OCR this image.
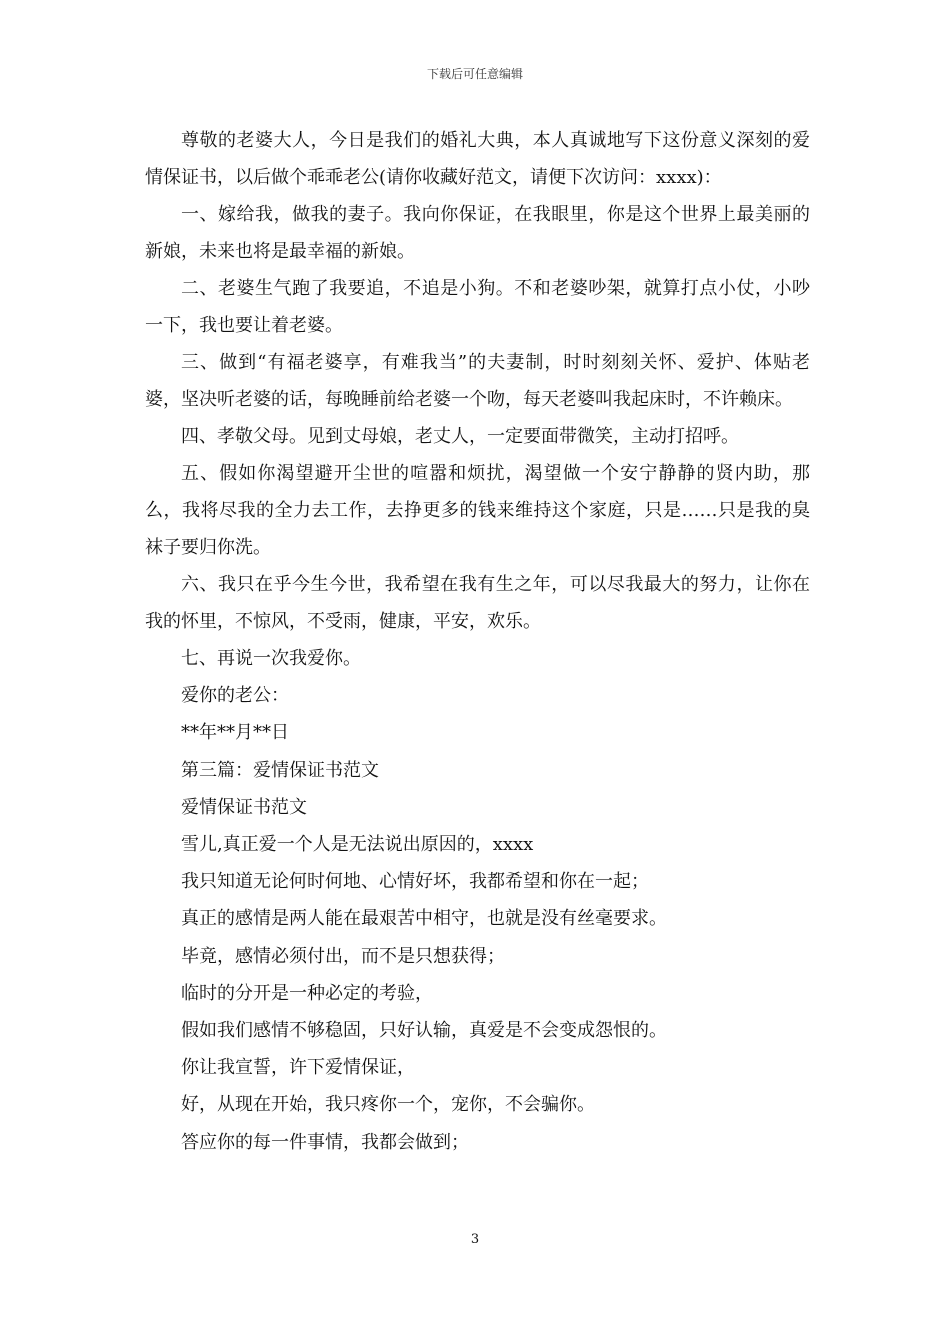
下载后可任意编辑

尊敬的老婆大人，今日是我们的婚礼大典，本人真诚地写下这份意义深刻的爱情保证书，以后做个乖乖老公(请你收藏好范文，请便下次访问：xxxx)：

一、嫁给我，做我的妻子。我向你保证，在我眼里，你是这个世界上最美丽的新娘，未来也将是最幸福的新娘。

二、老婆生气跑了我要追，不追是小狗。不和老婆吵架，就算打点小仗，小吵一下，我也要让着老婆。

三、做到“有福老婆享，有难我当”的夫妻制，时时刻刻关怀、爱护、体贴老婆，坚决听老婆的话，每晚睡前给老婆一个吻，每天老婆叫我起床时，不许赖床。

四、孝敬父母。见到丈母娘，老丈人，一定要面带微笑，主动打招呼。

五、假如你渴望避开尘世的喧嚣和烦扰，渴望做一个安宁静静的贤内助，那么，我将尽我的全力去工作，去挣更多的钱来维持这个家庭，只是……只是我的臭袜子要归你洗。

六、我只在乎今生今世，我希望在我有生之年，可以尽我最大的努力，让你在我的怀里，不惊风，不受雨，健康，平安，欢乐。

七、再说一次我爱你。

爱你的老公：

**年**月**日

第三篇：爱情保证书范文

爱情保证书范文

雪儿,真正爱一个人是无法说出原因的，xxxx

我只知道无论何时何地、心情好坏，我都希望和你在一起；

真正的感情是两人能在最艰苦中相守，也就是没有丝毫要求。

毕竟，感情必须付出，而不是只想获得；

临时的分开是一种必定的考验，

假如我们感情不够稳固，只好认输，真爱是不会变成怨恨的。

你让我宣誓，许下爱情保证，

好，从现在开始，我只疼你一个，宠你，不会骗你。

答应你的每一件事情，我都会做到；

3
